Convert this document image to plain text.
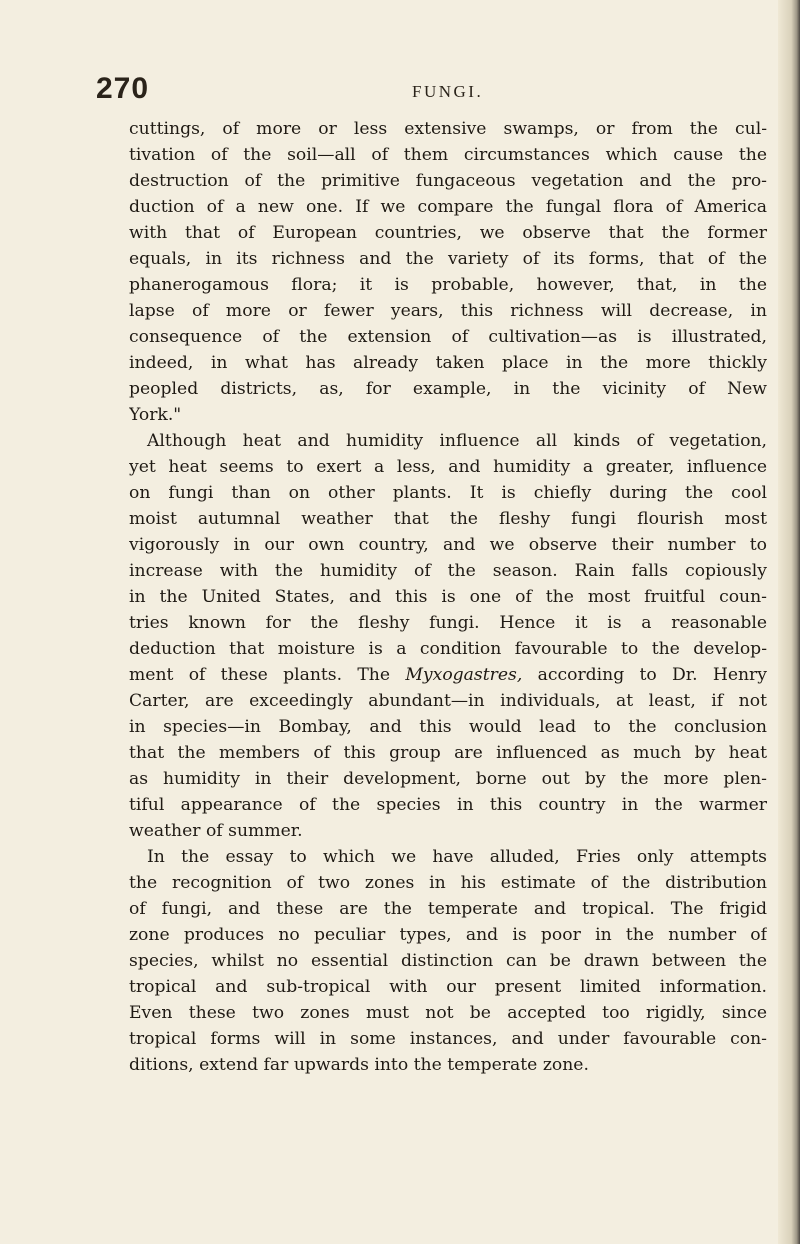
270	FUNGI.
cuttings, of more or less extensive swamps, or from the cul-
tivation of the soil—all of them circumstances which cause the
destruction of the primitive fungaceous vegetation and the pro-
duction of a new one. If we compare the fungal flora of America
with that of European countries, we observe that the former
equals, in its richness and the variety of its forms, that of the
phanerogamous flora; it is probable, however, that, in the
lapse of more or fewer years, this richness will decrease, in
consequence of the extension of cultivation—as is illustrated,
indeed, in what has already taken place in the more thickly
peopled districts, as, for example, in the vicinity of New
York."
Although heat and humidity influence all kinds of vegetation,
yet heat seems to exert a less, and humidity a greater, influence
on fungi than on other plants. It is chiefly during the cool
moist autumnal weather that the fleshy fungi flourish most
vigorously in our own country, and we observe their number to
increase with the humidity of the season. Rain falls copiously
in the United States, and this is one of the most fruitful coun-
tries known for the fleshy fungi. Hence it is a reasonable
deduction that moisture is a condition favourable to the develop-
ment of these plants. The Myxogastres, according to Dr. Henry
Carter, are exceedingly abundant—in individuals, at least, if not
in species—in Bombay, and this would lead to the conclusion
that the members of this group are influenced as much by heat
as humidity in their development, borne out by the more plen-
tiful appearance of the species in this country in the warmer
weather of summer.
In the essay to which we have alluded, Fries only attempts
the recognition of two zones in his estimate of the distribution
of fungi, and these are the temperate and tropical. The frigid
zone produces no peculiar types, and is poor in the number of
species, whilst no essential distinction can be drawn between the
tropical and sub-tropical with our present limited information.
Even these two zones must not be accepted too rigidly, since
tropical forms will in some instances, and under favourable con-
ditions, extend far upwards into the temperate zone.
